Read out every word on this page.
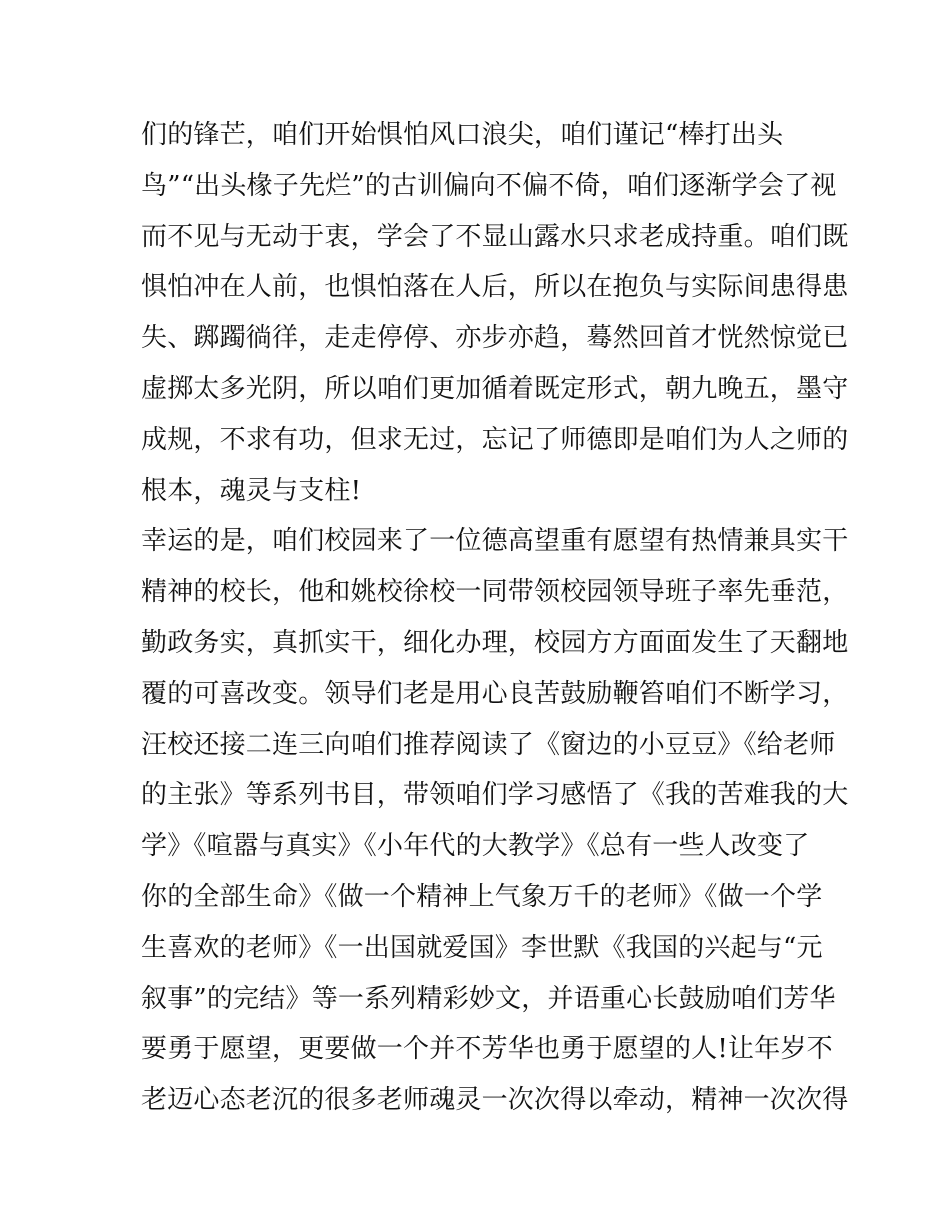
们的锋芒，咱们开始惧怕风口浪尖，咱们谨记“棒打出头
鸟”“出头椽子先烂”的古训偏向不偏不倚，咱们逐渐学会了视
而不见与无动于衷，学会了不显山露水只求老成持重。咱们既
惧怕冲在人前，也惧怕落在人后，所以在抱负与实际间患得患
失、踯躅徜徉，走走停停、亦步亦趋，蓦然回首才恍然惊觉已
虚掷太多光阴，所以咱们更加循着既定形式，朝九晚五，墨守
成规，不求有功，但求无过，忘记了师德即是咱们为人之师的
根本，魂灵与支柱!
幸运的是，咱们校园来了一位德高望重有愿望有热情兼具实干
精神的校长，他和姚校徐校一同带领校园领导班子率先垂范，
勤政务实，真抓实干，细化办理，校园方方面面发生了天翻地
覆的可喜改变。领导们老是用心良苦鼓励鞭笞咱们不断学习，
汪校还接二连三向咱们推荐阅读了《窗边的小豆豆》《给老师
的主张》等系列书目，带领咱们学习感悟了《我的苦难我的大
学》《喧嚣与真实》《小年代的大教学》《总有一些人改变了
你的全部生命》《做一个精神上气象万千的老师》《做一个学
生喜欢的老师》《一出国就爱国》李世默《我国的兴起与“元
叙事”的完结》等一系列精彩妙文，并语重心长鼓励咱们芳华
要勇于愿望，更要做一个并不芳华也勇于愿望的人!让年岁不
老迈心态老沉的很多老师魂灵一次次得以牵动，精神一次次得
